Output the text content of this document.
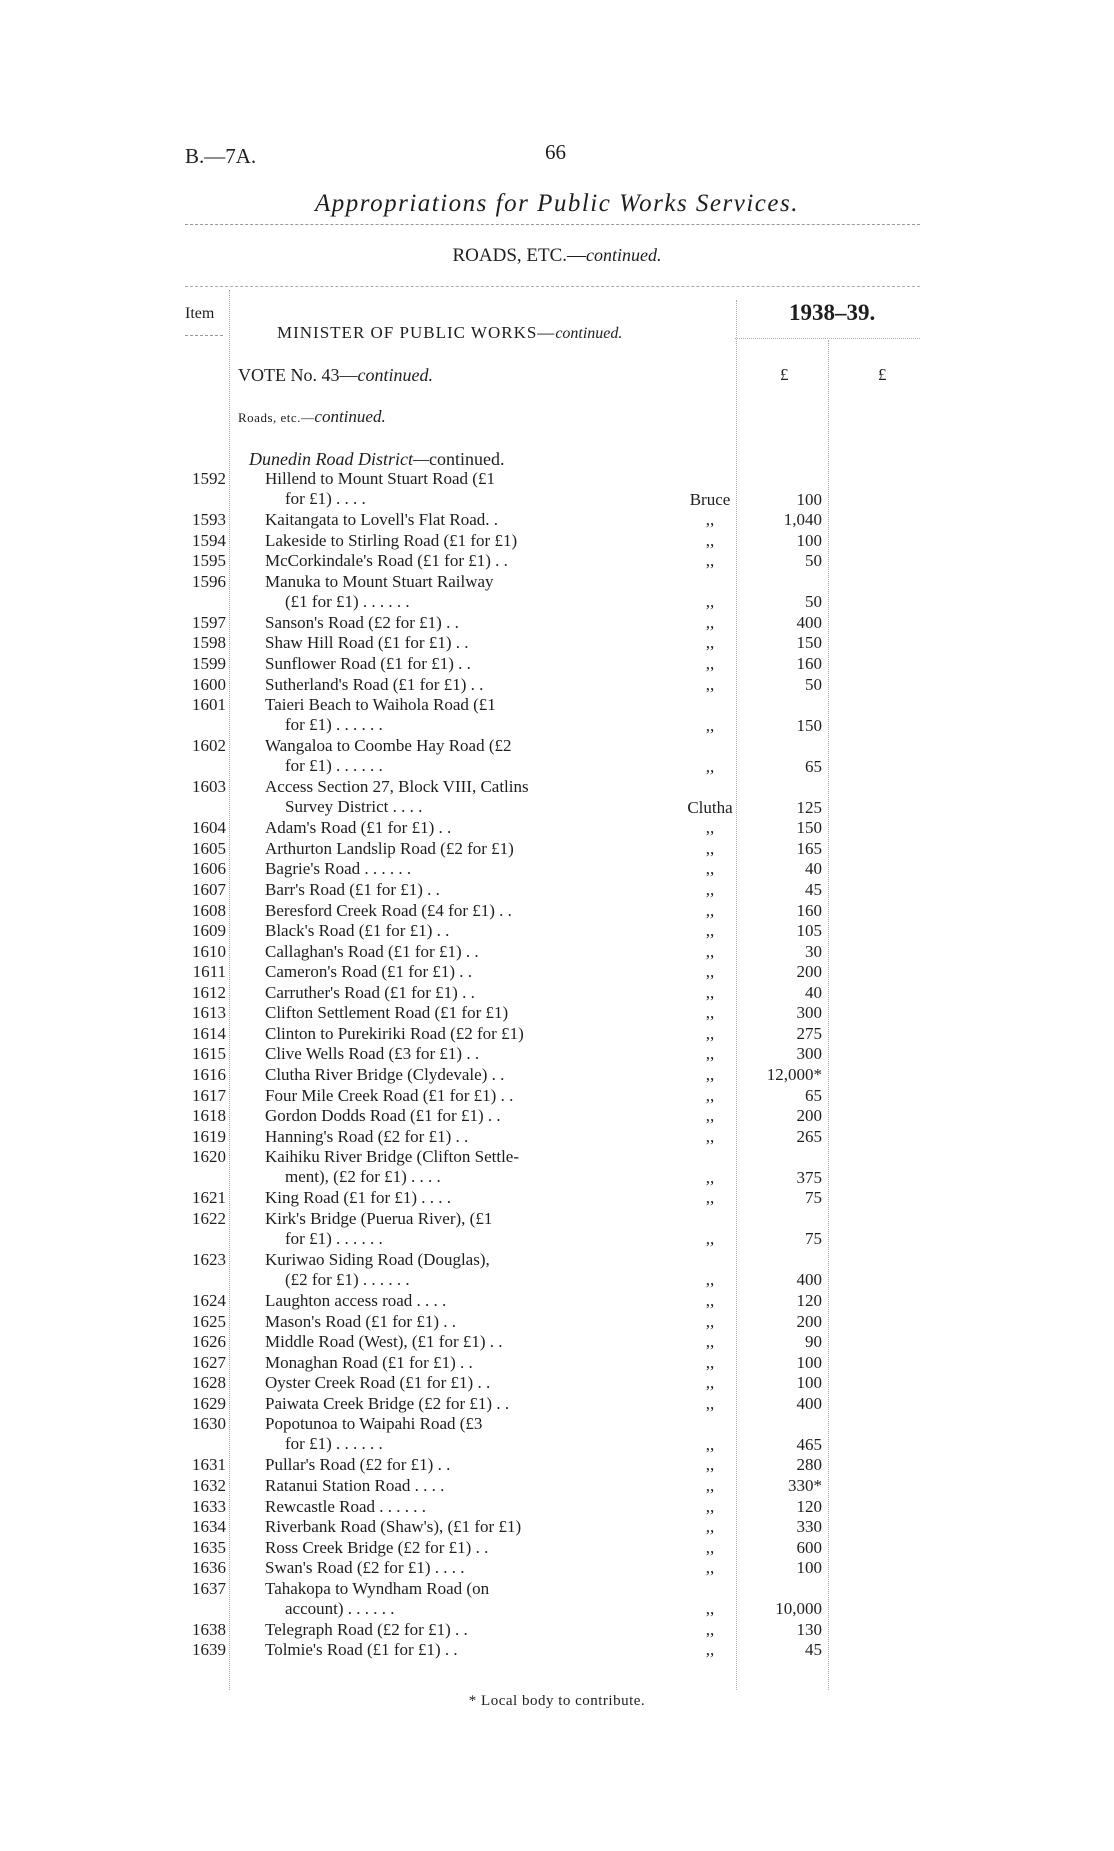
B.—7A.	66
Appropriations for Public Works Services.
ROADS, ETC.—continued.
Item
MINISTER OF PUBLIC WORKS—continued.
1938–39.
VOTE No. 43—continued.	£	£
Roads, etc.—continued.
Dunedin Road District—continued.
1592 Hillend to Mount Stuart Road (£1
for £1) . . . .	Bruce	100
1593 Kaitangata to Lovell's Flat Road. .	,,	1,040
1594 Lakeside to Stirling Road (£1 for £1)	,,	100
1595 McCorkindale's Road (£1 for £1) . .	,,	50
1596 Manuka to Mount Stuart Railway
(£1 for £1) . . . . . .	,,	50
1597 Sanson's Road (£2 for £1) . .	,,	400
1598 Shaw Hill Road (£1 for £1) . .	,,	150
1599 Sunflower Road (£1 for £1) . .	,,	160
1600 Sutherland's Road (£1 for £1) . .	,,	50
1601 Taieri Beach to Waihola Road (£1
for £1) . . . . . .	,,	150
1602 Wangaloa to Coombe Hay Road (£2
for £1) . . . . . .	,,	65
1603 Access Section 27, Block VIII, Catlins
Survey District . . . .	Clutha	125
1604 Adam's Road (£1 for £1) . .	,,	150
1605 Arthurton Landslip Road (£2 for £1)	,,	165
1606 Bagrie's Road . . . . . .	,,	40
1607 Barr's Road (£1 for £1) . .	,,	45
1608 Beresford Creek Road (£4 for £1) . .	,,	160
1609 Black's Road (£1 for £1) . .	,,	105
1610 Callaghan's Road (£1 for £1) . .	,,	30
1611 Cameron's Road (£1 for £1) . .	,,	200
1612 Carruther's Road (£1 for £1) . .	,,	40
1613 Clifton Settlement Road (£1 for £1)	,,	300
1614 Clinton to Purekiriki Road (£2 for £1)	,,	275
1615 Clive Wells Road (£3 for £1) . .	,,	300
1616 Clutha River Bridge (Clydevale) . .	,,	12,000*
1617 Four Mile Creek Road (£1 for £1) . .	,,	65
1618 Gordon Dodds Road (£1 for £1) . .	,,	200
1619 Hanning's Road (£2 for £1) . .	,,	265
1620 Kaihiku River Bridge (Clifton Settle-
ment), (£2 for £1) . . . .	,,	375
1621 King Road (£1 for £1) . . . .	,,	75
1622 Kirk's Bridge (Puerua River), (£1
for £1) . . . . . .	,,	75
1623 Kuriwao Siding Road (Douglas),
(£2 for £1) . . . . . .	,,	400
1624 Laughton access road . . . .	,,	120
1625 Mason's Road (£1 for £1) . .	,,	200
1626 Middle Road (West), (£1 for £1) . .	,,	90
1627 Monaghan Road (£1 for £1) . .	,,	100
1628 Oyster Creek Road (£1 for £1) . .	,,	100
1629 Paiwata Creek Bridge (£2 for £1) . .	,,	400
1630 Popotunoa to Waipahi Road (£3
for £1) . . . . . .	,,	465
1631 Pullar's Road (£2 for £1) . .	,,	280
1632 Ratanui Station Road . . . .	,,	330*
1633 Rewcastle Road . . . . . .	,,	120
1634 Riverbank Road (Shaw's), (£1 for £1)	,,	330
1635 Ross Creek Bridge (£2 for £1) . .	,,	600
1636 Swan's Road (£2 for £1) . . . .	,,	100
1637 Tahakopa to Wyndham Road (on
account) . . . . . .	,,	10,000
1638 Telegraph Road (£2 for £1) . .	,,	130
1639 Tolmie's Road (£1 for £1) . .	,,	45
* Local body to contribute.
